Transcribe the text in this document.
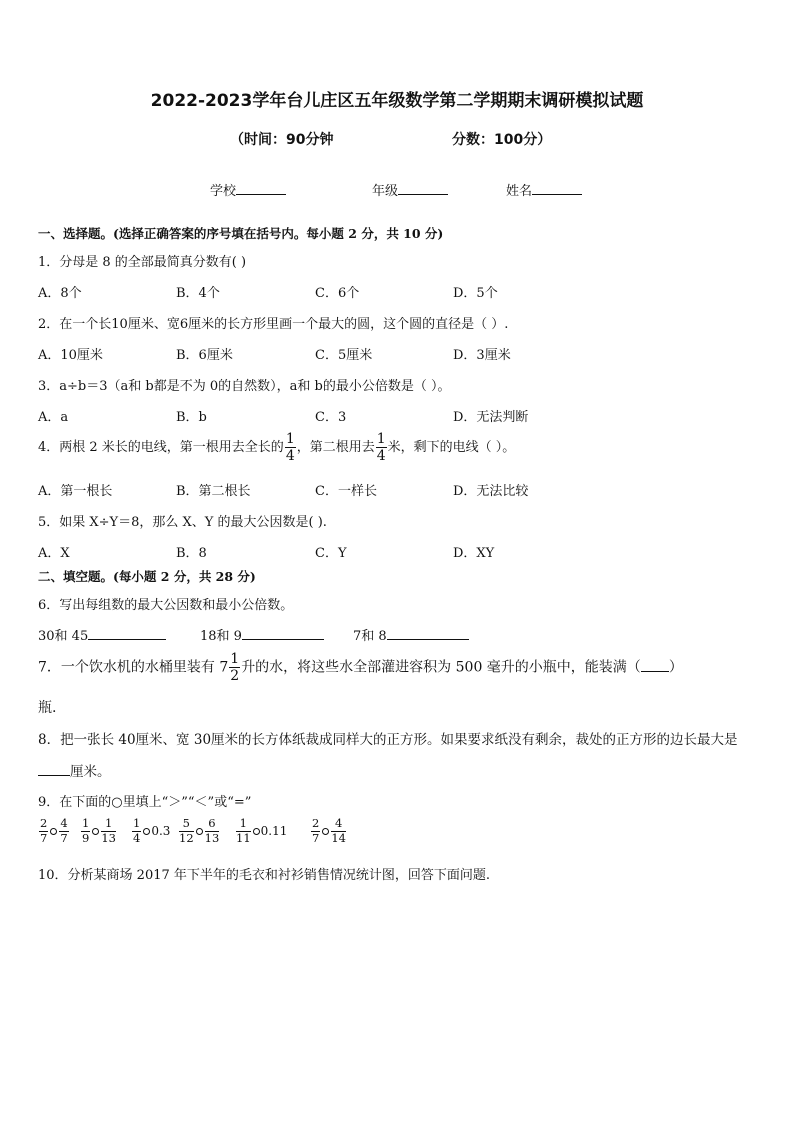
2022-2023学年台儿庄区五年级数学第二学期期末调研模拟试题
（时间：90分钟	分数：100分）
学校	年级	姓名
一、选择题。(选择正确答案的序号填在括号内。每小题 2 分，共 10 分)
1．分母是 8 的全部最简真分数有( )
A．8个	B．4个	C．6个	D．5个
2．在一个长10厘米、宽6厘米的长方形里画一个最大的圆，这个圆的直径是（ ）.
A．10厘米	B．6厘米	C．5厘米	D．3厘米
3．a÷b＝3（a和 b都是不为 0的自然数），a和 b的最小公倍数是（ ）。
A．a	B．b	C．3	D．无法判断
4．两根 2 米长的电线，第一根用去全长的 $\frac{1}{4}$ ，第二根用去 $\frac{1}{4}$ 米，剩下的电线（ ）。
A．第一根长	B．第二根长	C．一样长	D．无法比较
5．如果 X÷Y＝8，那么 X、Y 的最大公因数是( ).
A．X	B．8	C．Y	D．XY
二、填空题。(每小题 2 分，共 28 分)
6．写出每组数的最大公因数和最小公倍数。
30和 45	18和 9	7和 8
7．一个饮水机的水桶里装有 $7 \frac{1}{2}$ 升的水，将这些水全部灌进容积为 500 毫升的小瓶中，能装满（ ）
瓶.
8．把一张长 40厘米、宽 30厘米的长方体纸裁成同样大的正方形。如果要求纸没有剩余，裁处的正方形的边长最大是
厘米。
9．在下面的○里填上“＞”“＜”或“=”
$\frac{2}{7} \frac{4}{7} \frac{1}{9} \frac{1}{13} \frac{1}{4} 0.3 \frac{5}{12} \frac{6}{13} \frac{1}{11} 0.11 \frac{2}{7} \frac{4}{14}$
10．分析某商场 2017 年下半年的毛衣和衬衫销售情况统计图，回答下面问题.
